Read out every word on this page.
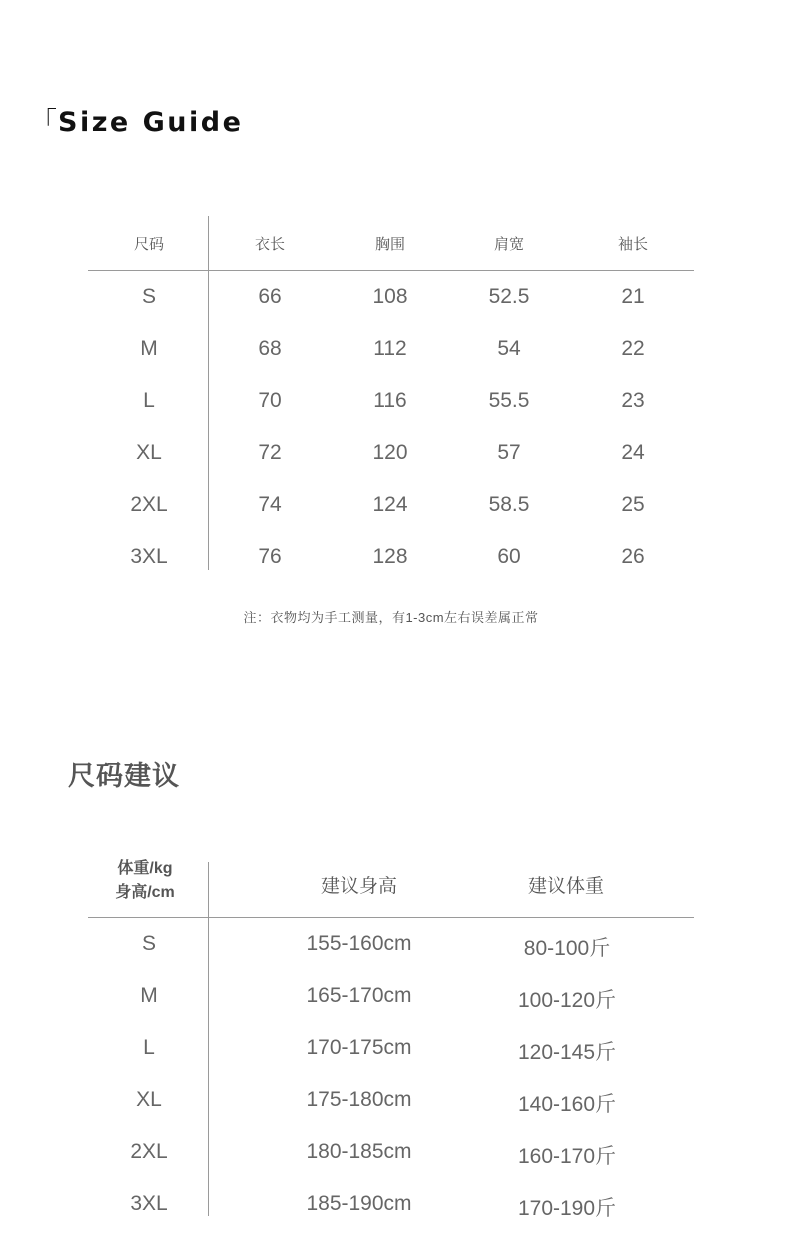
「Size Guide
尺码	衣长	胸围	肩宽	袖长
S	66	108	52.5	21
M	68	112	54	22
L	70	116	55.5	23
XL	72	120	57	24
2XL	74	124	58.5	25
3XL	76	128	60	26
注：衣物均为手工测量，有1-3cm左右误差属正常
尺码建议
体重/kg
身高/cm	建议身高	建议体重
S	155-160cm	80-100斤
M	165-170cm	100-120斤
L	170-175cm	120-145斤
XL	175-180cm	140-160斤
2XL	180-185cm	160-170斤
3XL	185-190cm	170-190斤
